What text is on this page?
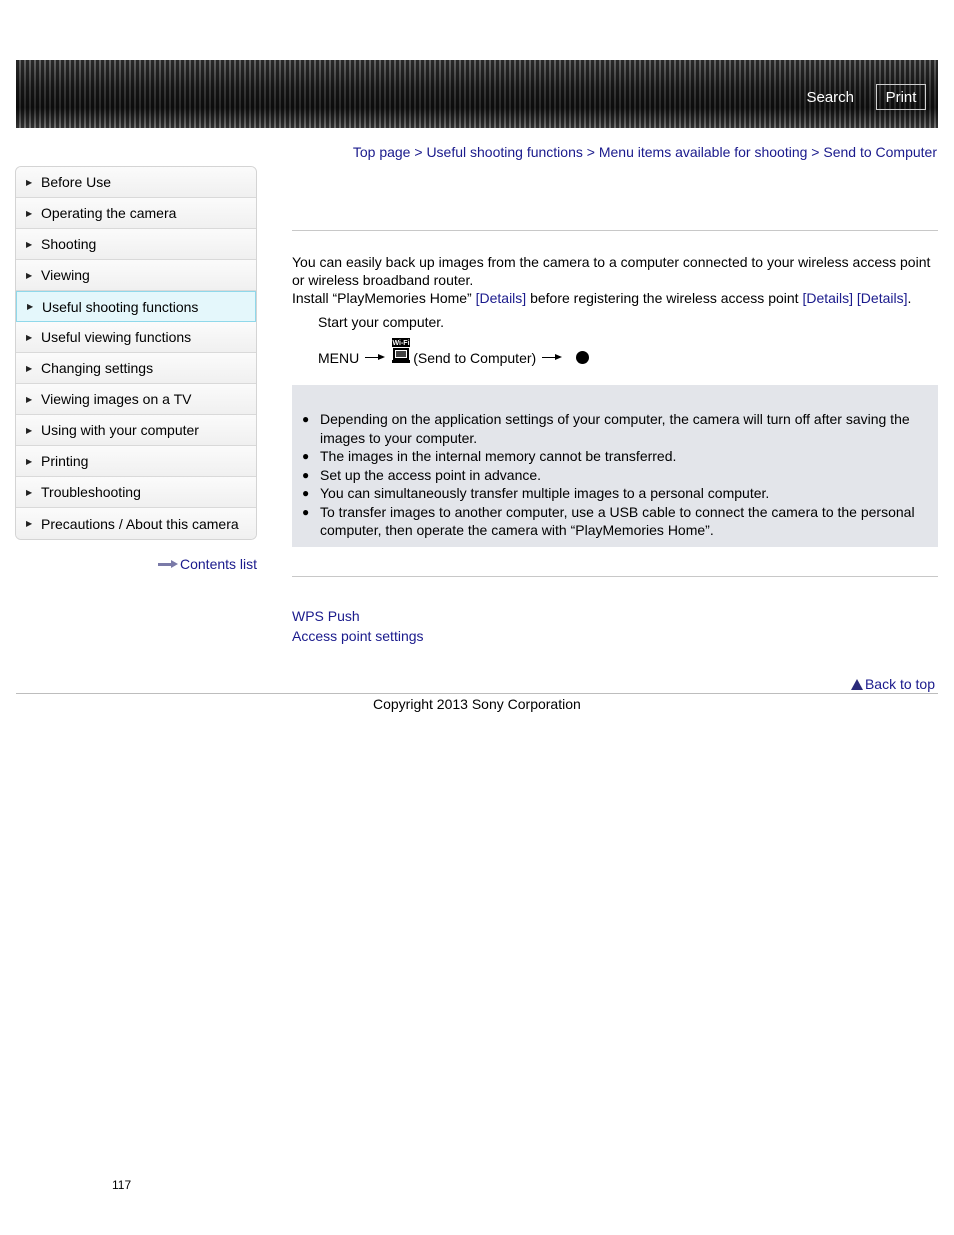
Search	Print
Top page > Useful shooting functions > Menu items available for shooting > Send to Computer
▶ Before Use
▶ Operating the camera
▶ Shooting
▶ Viewing
▶ Useful shooting functions
▶ Useful viewing functions
▶ Changing settings
▶ Viewing images on a TV
▶ Using with your computer
▶ Printing
▶ Troubleshooting
▶ Precautions / About this camera
Contents list

You can easily back up images from the camera to a computer connected to your wireless access point or wireless broadband router.

Install “PlayMemories Home” [Details] before registering the wireless access point [Details] [Details].

Start your computer.
MENU
Wi-Fi
(Send to Computer)
● Depending on the application settings of your computer, the camera will turn off after saving the images to your computer.
● The images in the internal memory cannot be transferred.
● Set up the access point in advance.
● You can simultaneously transfer multiple images to a personal computer.
● To transfer images to another computer, use a USB cable to connect the camera to the personal computer, then operate the camera with “PlayMemories Home”.
WPS Push
Access point settings
Back to top
Copyright 2013 Sony Corporation
117
